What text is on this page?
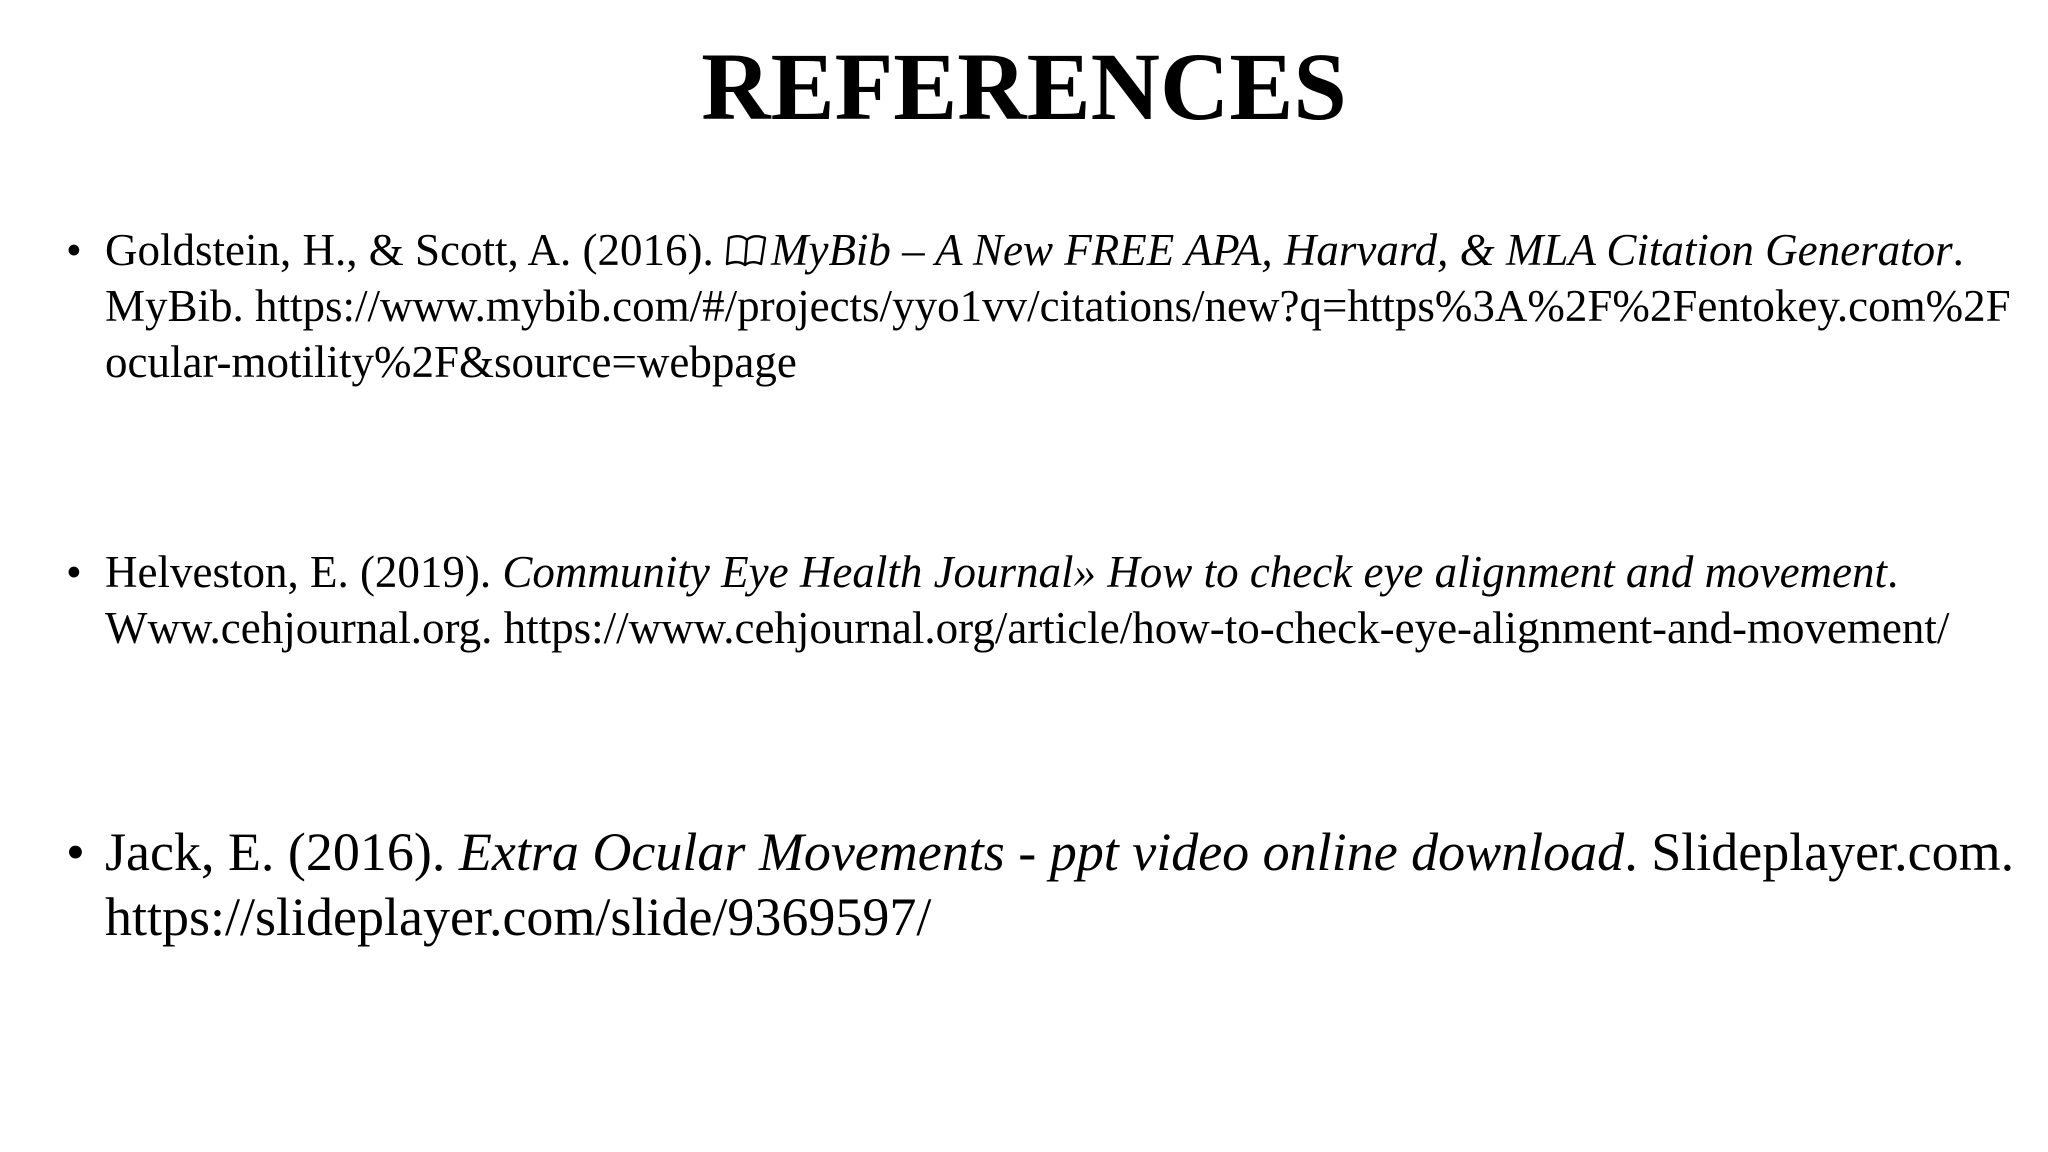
REFERENCES
• Goldstein, H., & Scott, A. (2016). MyBib – A New FREE APA, Harvard, & MLA Citation Generator. MyBib. https://www.mybib.com/#/projects/yyo1vv/citations/new?q=https%3A%2F%2Fentokey.com%2Focular-motility%2F&source=webpage
• Helveston, E. (2019). Community Eye Health Journal» How to check eye alignment and movement. Www.cehjournal.org. https://www.cehjournal.org/article/how-to-check-eye-alignment-and-movement/
• Jack, E. (2016). Extra Ocular Movements - ppt video online download. Slideplayer.com. https://slideplayer.com/slide/9369597/
